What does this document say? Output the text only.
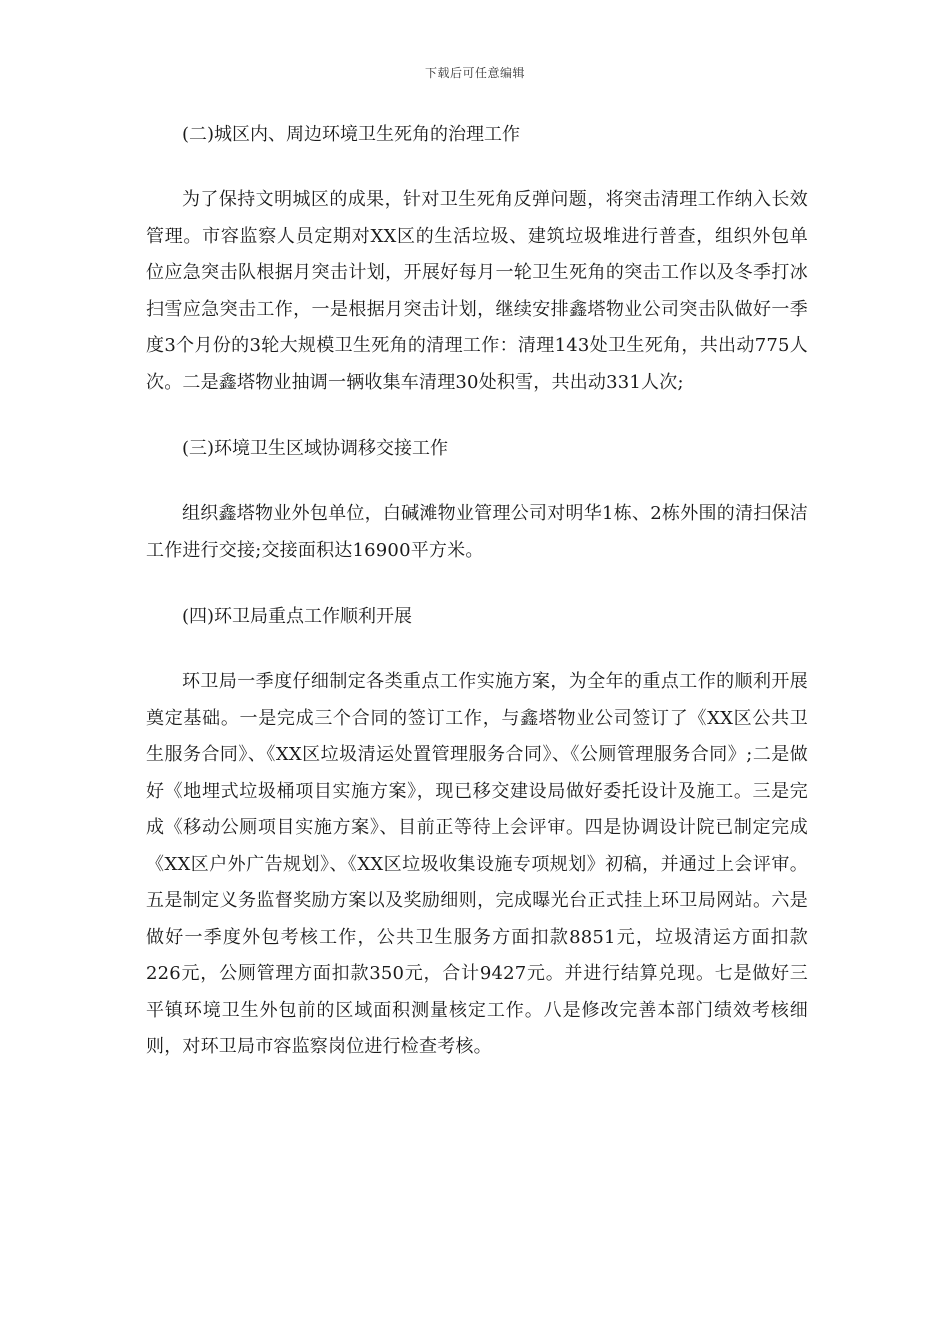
下载后可任意编辑

(二)城区内、周边环境卫生死角的治理工作

为了保持文明城区的成果，针对卫生死角反弹问题，将突击清理工作纳入长效管理。市容监察人员定期对XX区的生活垃圾、建筑垃圾堆进行普查，组织外包单位应急突击队根据月突击计划，开展好每月一轮卫生死角的突击工作以及冬季打冰扫雪应急突击工作，一是根据月突击计划，继续安排鑫塔物业公司突击队做好一季度3个月份的3轮大规模卫生死角的清理工作：清理143处卫生死角，共出动775人次。二是鑫塔物业抽调一辆收集车清理30处积雪，共出动331人次;

(三)环境卫生区域协调移交接工作

组织鑫塔物业外包单位，白碱滩物业管理公司对明华1栋、2栋外围的清扫保洁工作进行交接;交接面积达16900平方米。

(四)环卫局重点工作顺利开展

环卫局一季度仔细制定各类重点工作实施方案，为全年的重点工作的顺利开展奠定基础。一是完成三个合同的签订工作，与鑫塔物业公司签订了《XX区公共卫生服务合同》、《XX区垃圾清运处置管理服务合同》、《公厕管理服务合同》;二是做好《地埋式垃圾桶项目实施方案》，现已移交建设局做好委托设计及施工。三是完成《移动公厕项目实施方案》、目前正等待上会评审。四是协调设计院已制定完成《XX区户外广告规划》、《XX区垃圾收集设施专项规划》初稿，并通过上会评审。五是制定义务监督奖励方案以及奖励细则，完成曝光台正式挂上环卫局网站。六是做好一季度外包考核工作，公共卫生服务方面扣款8851元，垃圾清运方面扣款226元，公厕管理方面扣款350元，合计9427元。并进行结算兑现。七是做好三平镇环境卫生外包前的区域面积测量核定工作。八是修改完善本部门绩效考核细则，对环卫局市容监察岗位进行检查考核。
